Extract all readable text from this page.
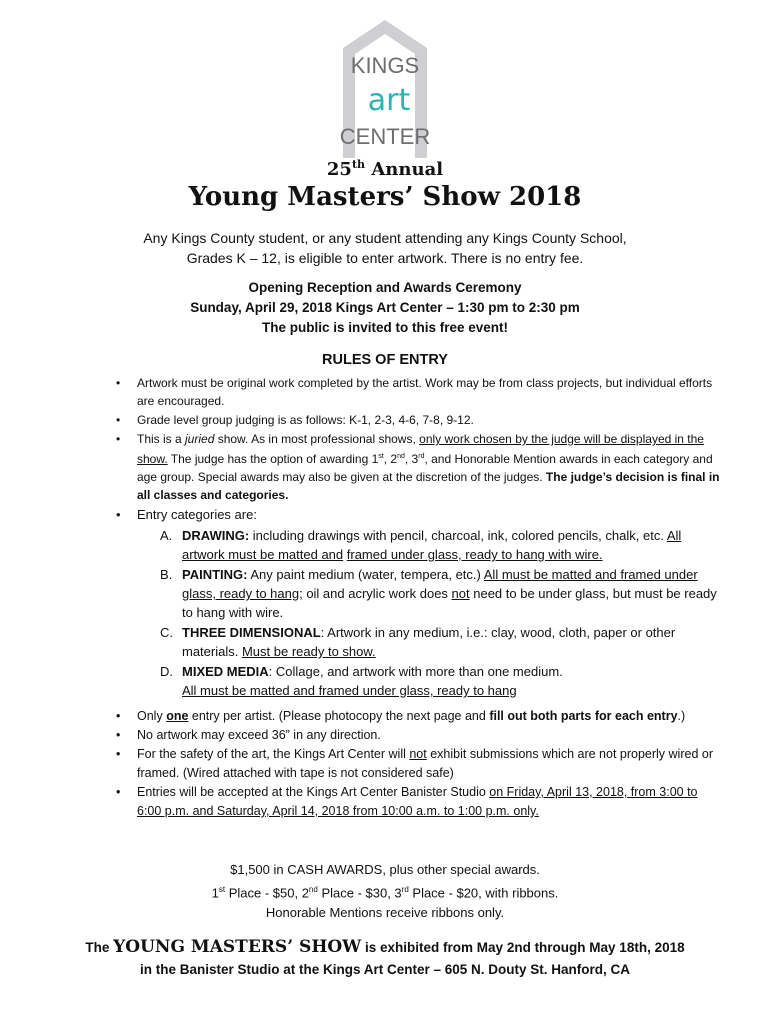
KINGS
art
CENTER
25th Annual
Young Masters’ Show 2018
Any Kings County student, or any student attending any Kings County School,
Grades K – 12, is eligible to enter artwork. There is no entry fee.
Opening Reception and Awards Ceremony
Sunday, April 29, 2018 Kings Art Center – 1:30 pm to 2:30 pm
The public is invited to this free event!
RULES OF ENTRY
• Artwork must be original work completed by the artist. Work may be from class projects, but individual efforts are encouraged.
• Grade level group judging is as follows: K-1, 2-3, 4-6, 7-8, 9-12.
• This is a juried show. As in most professional shows, only work chosen by the judge will be displayed in the show. The judge has the option of awarding 1st, 2nd, 3rd, and Honorable Mention awards in each category and age group. Special awards may also be given at the discretion of the judges. The judge’s decision is final in all classes and categories.
• Entry categories are:
A. DRAWING: including drawings with pencil, charcoal, ink, colored pencils, chalk, etc. All artwork must be matted and framed under glass, ready to hang with wire.
B. PAINTING: Any paint medium (water, tempera, etc.) All must be matted and framed under glass, ready to hang; oil and acrylic work does not need to be under glass, but must be ready to hang with wire.
C. THREE DIMENSIONAL: Artwork in any medium, i.e.: clay, wood, cloth, paper or other materials. Must be ready to show.
D. MIXED MEDIA: Collage, and artwork with more than one medium.
All must be matted and framed under glass, ready to hang
• Only one entry per artist. (Please photocopy the next page and fill out both parts for each entry.)
• No artwork may exceed 36” in any direction.
• For the safety of the art, the Kings Art Center will not exhibit submissions which are not properly wired or framed. (Wired attached with tape is not considered safe)
• Entries will be accepted at the Kings Art Center Banister Studio on Friday, April 13, 2018, from 3:00 to 6:00 p.m. and Saturday, April 14, 2018 from 10:00 a.m. to 1:00 p.m. only.
$1,500 in CASH AWARDS, plus other special awards.
1st Place - $50, 2nd Place - $30, 3rd Place - $20, with ribbons.
Honorable Mentions receive ribbons only.
The YOUNG MASTERS’ SHOW is exhibited from May 2nd through May 18th, 2018
in the Banister Studio at the Kings Art Center – 605 N. Douty St. Hanford, CA
